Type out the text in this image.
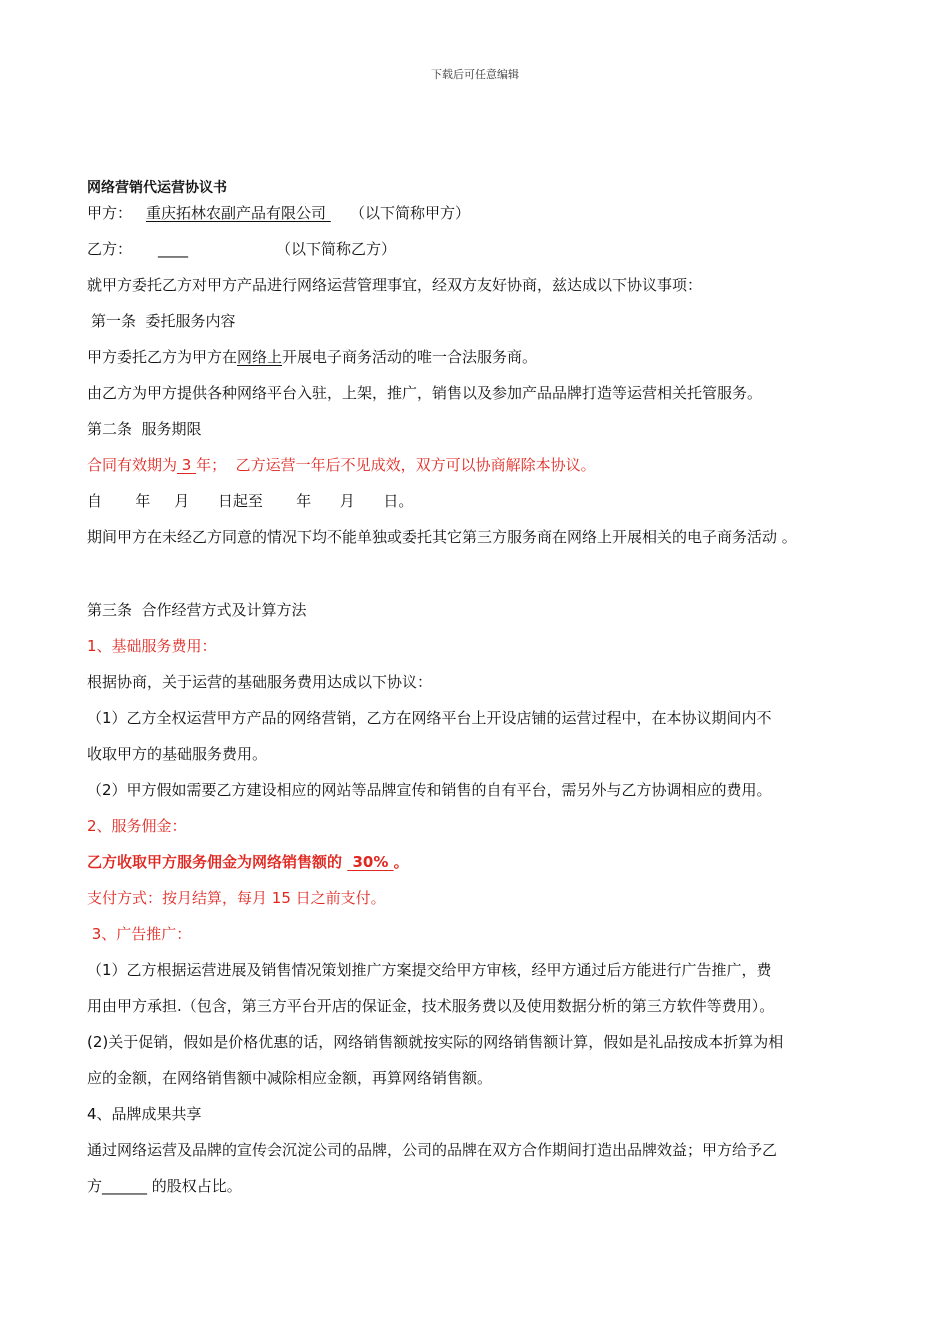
下载后可任意编辑
网络营销代运营协议书
甲方： 重庆拓林农副产品有限公司 （以下简称甲方）
乙方： ____	（以下简称乙方）
就甲方委托乙方对甲方产品进行网络运营管理事宜，经双方友好协商，兹达成以下协议事项：
第一条  委托服务内容
甲方委托乙方为甲方在网络上开展电子商务活动的唯一合法服务商。
由乙方为甲方提供各种网络平台入驻，上架，推广，销售以及参加产品品牌打造等运营相关托管服务。
第二条  服务期限
合同有效期为 3 年；  乙方运营一年后不见成效，双方可以协商解除本协议。
自       年     月      日起至       年      月      日。
期间甲方在未经乙方同意的情况下均不能单独或委托其它第三方服务商在网络上开展相关的电子商务活动 。
第三条  合作经营方式及计算方法
1、基础服务费用：
根据协商，关于运营的基础服务费用达成以下协议：
（1）乙方全权运营甲方产品的网络营销，乙方在网络平台上开设店铺的运营过程中，在本协议期间内不
收取甲方的基础服务费用。
（2）甲方假如需要乙方建设相应的网站等品牌宣传和销售的自有平台，需另外与乙方协调相应的费用。
2、服务佣金：
乙方收取甲方服务佣金为网络销售额的  30% 。
支付方式：按月结算，每月 15 日之前支付。
3、广告推广：
（1）乙方根据运营进展及销售情况策划推广方案提交给甲方审核，经甲方通过后方能进行广告推广，费
用由甲方承担.（包含，第三方平台开店的保证金，技术服务费以及使用数据分析的第三方软件等费用）。
(2)关于促销，假如是价格优惠的话，网络销售额就按实际的网络销售额计算，假如是礼品按成本折算为相
应的金额，在网络销售额中减除相应金额，再算网络销售额。
4、品牌成果共享
通过网络运营及品牌的宣传会沉淀公司的品牌，公司的品牌在双方合作期间打造出品牌效益；甲方给予乙
方______ 的股权占比。
